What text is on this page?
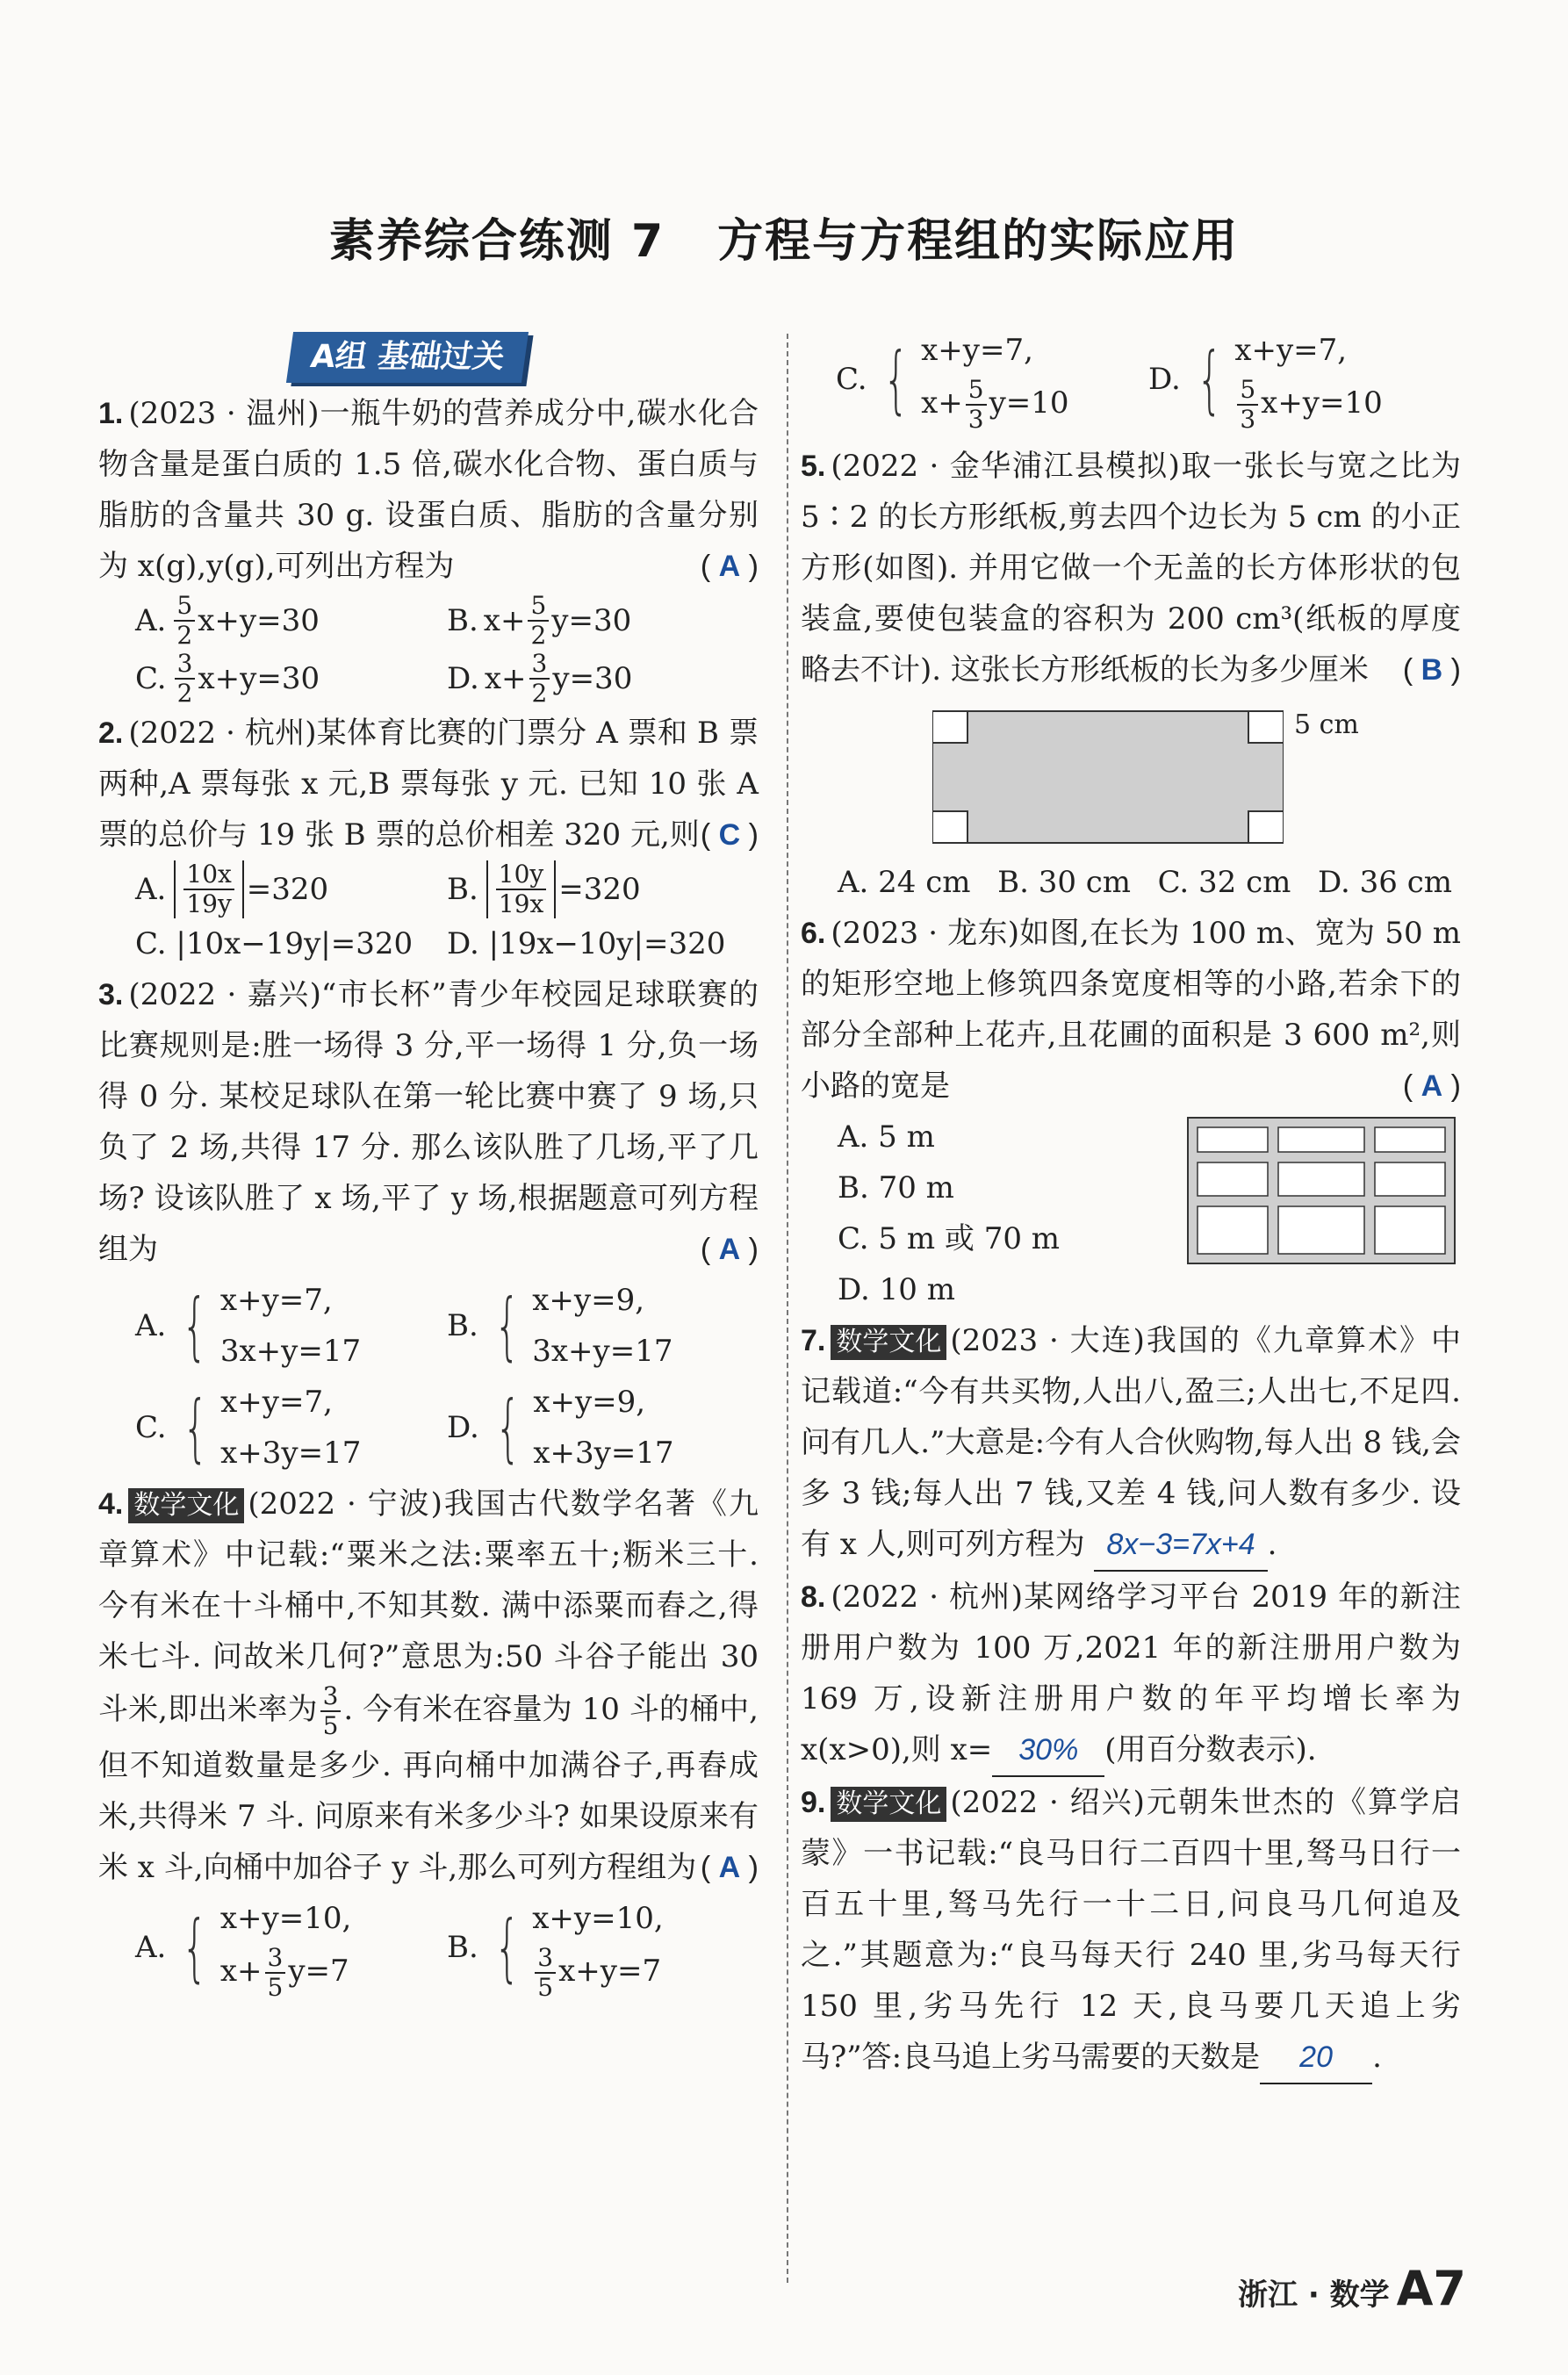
素养综合练测 7 方程与方程组的实际应用
A组 基础过关
1. (2023 · 温州)一瓶牛奶的营养成分中,碳水化合物含量是蛋白质的 1.5 倍,碳水化合物、蛋白质与脂肪的含量共 30 g. 设蛋白质、脂肪的含量分别为 x(g),y(g),可列出方程为	( A )
A. $\frac{5}{2} x+y=30$	B. $x+ \frac{5}{2} y=30$
C. $\frac{3}{2} x+y=30$	D. $x+ \frac{3}{2} y=30$
2. (2022 · 杭州)某体育比赛的门票分 A 票和 B 票两种,A 票每张 x 元,B 票每张 y 元. 已知 10 张 A 票的总价与 19 张 B 票的总价相差 320 元,则 ( C )
A. $\frac{10x}{19y} =320$	B. $\frac{10y}{19x} =320$
C. |10x−19y|=320	D. |19x−10y|=320
3. (2022 · 嘉兴)“市长杯”青少年校园足球联赛的比赛规则是:胜一场得 3 分,平一场得 1 分,负一场得 0 分. 某校足球队在第一轮比赛中赛了 9 场,只负了 2 场,共得 17 分. 那么该队胜了几场,平了几场? 设该队胜了 x 场,平了 y 场,根据题意可列方程组为	( A )
A. { x+y=7,
3x+y=17
B. { x+y=9,
3x+y=17
C. { x+y=7,
x+3y=17
D. { x+y=9,
x+3y=17
4. 数学文化 (2022 · 宁波)我国古代数学名著《九章算术》中记载:“粟米之法:粟率五十;粝米三十. 今有米在十斗桶中,不知其数. 满中添粟而舂之,得米七斗. 问故米几何?”意思为:50 斗谷子能出 30 斗米,即出米率为 $\frac{3}{5}$ . 今有米在容量为 10 斗的桶中,但不知道数量是多少. 再向桶中加满谷子,再舂成米,共得米 7 斗. 问原来有米多少斗? 如果设原来有米 x 斗,向桶中加谷子 y 斗,那么可列方程组为 ( A )
A. { x+y=10,
$x+ \frac{3}{5} y=7$
B. { x+y=10,
$\frac{3}{5} x+y=7$
C. { x+y=7,
$x+ \frac{5}{3} y=10$
D. { x+y=7,
$\frac{5}{3} x+y=10$
5. (2022 · 金华浦江县模拟)取一张长与宽之比为 5∶2 的长方形纸板,剪去四个边长为 5 cm 的小正方形(如图). 并用它做一个无盖的长方体形状的包装盒,要使包装盒的容积为 200 cm³(纸板的厚度略去不计). 这张长方形纸板的长为多少厘米	( B )
5 cm
A. 24 cm B. 30 cm C. 32 cm D. 36 cm
6. (2023 · 龙东)如图,在长为 100 m、宽为 50 m 的矩形空地上修筑四条宽度相等的小路,若余下的部分全部种上花卉,且花圃的面积是 3 600 m²,则小路的宽是	( A )
A. 5 m
B. 70 m
C. 5 m 或 70 m
D. 10 m
7. 数学文化 (2023 · 大连)我国的《九章算术》中记载道:“今有共买物,人出八,盈三;人出七,不足四. 问有几人.”大意是:今有人合伙购物,每人出 8 钱,会多 3 钱;每人出 7 钱,又差 4 钱,问人数有多少. 设有 x 人,则可列方程为 8x−3=7x+4 .
8. (2022 · 杭州)某网络学习平台 2019 年的新注册用户数为 100 万,2021 年的新注册用户数为 169 万,设新注册用户数的年平均增长率为 x(x>0),则 x= 30% (用百分数表示).
9. 数学文化 (2022 · 绍兴)元朝朱世杰的《算学启蒙》一书记载:“良马日行二百四十里,驽马日行一百五十里,驽马先行一十二日,问良马几何追及之.”其题意为:“良马每天行 240 里,劣马每天行 150 里,劣马先行 12 天,良马要几天追上劣马?”答:良马追上劣马需要的天数是 20 .
浙江 · 数学 A7
